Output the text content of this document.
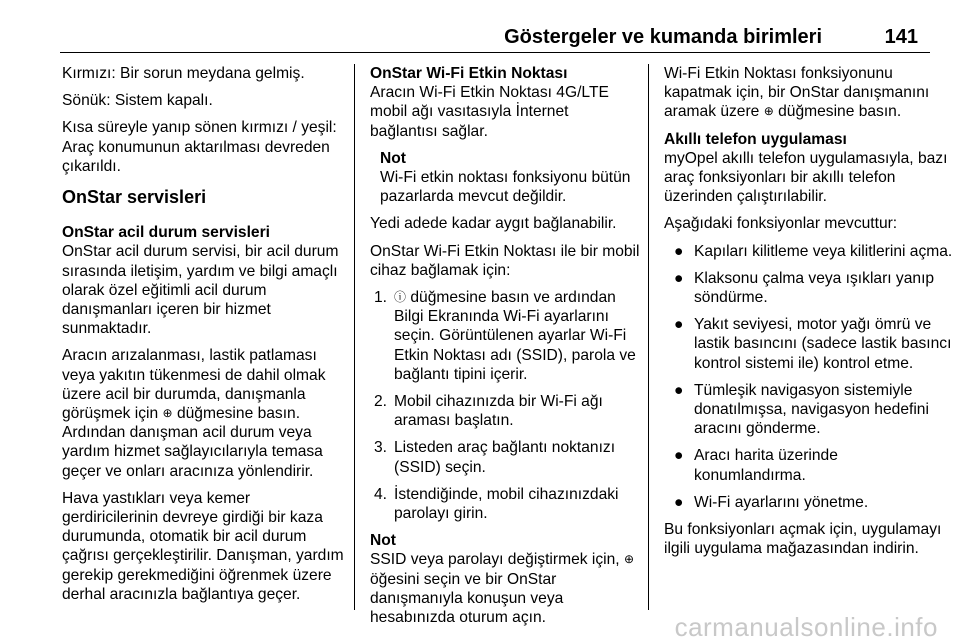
Göstergeler ve kumanda birimleri	141

Kırmızı: Bir sorun meydana gelmiş.

Sönük: Sistem kapalı.

Kısa süreyle yanıp sönen kırmızı / yeşil: Araç konumunun aktarılması devreden çıkarıldı.

OnStar servisleri
OnStar acil durum servisleri

OnStar acil durum servisi, bir acil durum sırasında iletişim, yardım ve bilgi amaçlı olarak özel eğitimli acil durum danışmanları içeren bir hizmet sunmaktadır.

Aracın arızalanması, lastik patlaması veya yakıtın tükenmesi de dahil olmak üzere acil bir durumda, danışmanla görüşmek için ⊕ düğmesine basın. Ardından danışman acil durum veya yardım hizmet sağlayıcılarıyla temasa geçer ve onları aracınıza yönlendirir.

Hava yastıkları veya kemer gerdiricilerinin devreye girdiği bir kaza durumunda, otomatik bir acil durum çağrısı gerçekleştirilir. Danışman, yardım gerekip gerekmediğini öğrenmek üzere derhal aracınızla bağlantıya geçer.

OnStar Wi-Fi Etkin Noktası

Aracın Wi-Fi Etkin Noktası 4G/LTE mobil ağı vasıtasıyla İnternet bağlantısı sağlar.

Not
Wi-Fi etkin noktası fonksiyonu bütün pazarlarda mevcut değildir.

Yedi adede kadar aygıt bağlanabilir.

OnStar Wi-Fi Etkin Noktası ile bir mobil cihaz bağlamak için:

1. ⓘ düğmesine basın ve ardından Bilgi Ekranında Wi-Fi ayarlarını seçin. Görüntülenen ayarlar Wi-Fi Etkin Noktası adı (SSID), parola ve bağlantı tipini içerir.
2. Mobil cihazınızda bir Wi-Fi ağı araması başlatın.
3. Listeden araç bağlantı noktanızı (SSID) seçin.
4. İstendiğinde, mobil cihazınızdaki parolayı girin.
Not
SSID veya parolayı değiştirmek için, ⊕ öğesini seçin ve bir OnStar danışmanıyla konuşun veya hesabınızda oturum açın.

Wi-Fi Etkin Noktası fonksiyonunu kapatmak için, bir OnStar danışmanını aramak üzere ⊕ düğmesine basın.

Akıllı telefon uygulaması

myOpel akıllı telefon uygulamasıyla, bazı araç fonksiyonları bir akıllı telefon üzerinden çalıştırılabilir.

Aşağıdaki fonksiyonlar mevcuttur:

● Kapıları kilitleme veya kilitlerini açma.
● Klaksonu çalma veya ışıkları yanıp söndürme.
● Yakıt seviyesi, motor yağı ömrü ve lastik basıncını (sadece lastik basıncı kontrol sistemi ile) kontrol etme.
● Tümleşik navigasyon sistemiyle donatılmışsa, navigasyon hedefini aracını gönderme.
● Aracı harita üzerinde konumlandırma.
● Wi-Fi ayarlarını yönetme.

Bu fonksiyonları açmak için, uygulamayı ilgili uygulama mağazasından indirin.

carmanualsonline.info
